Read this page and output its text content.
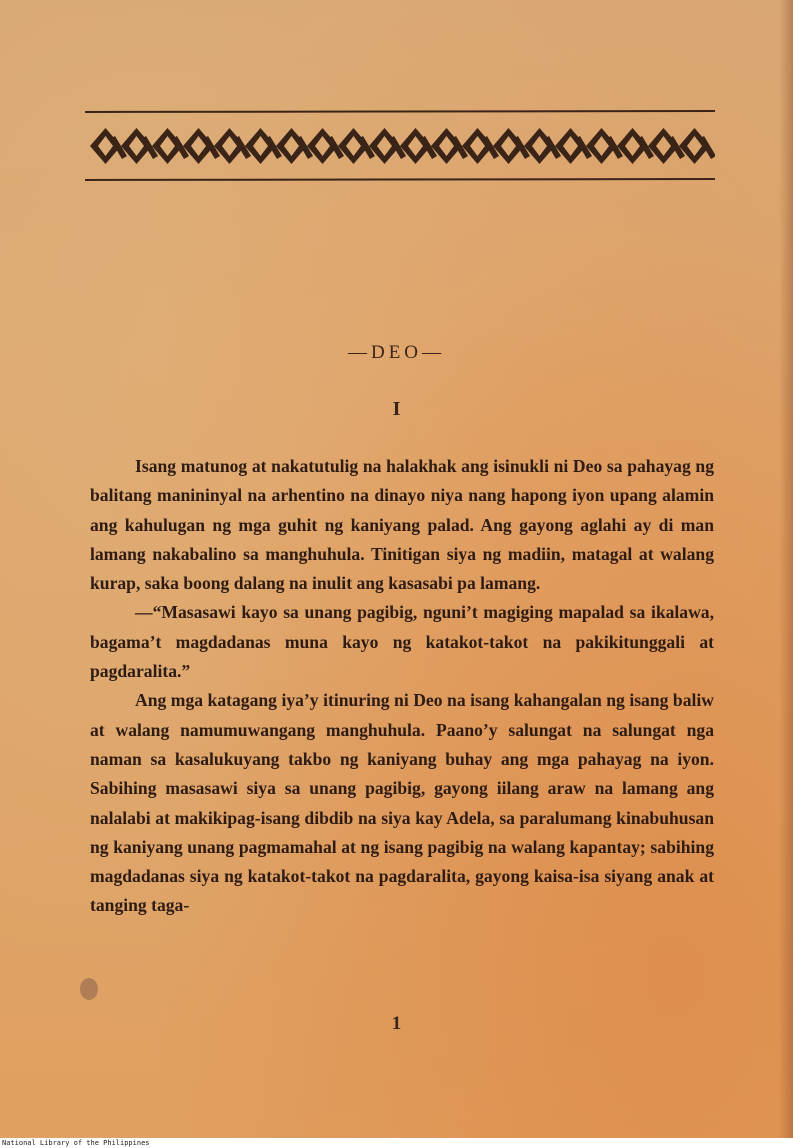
—DEO—
I

Isang matunog at nakatutulig na halakhak ang isinukli ni Deo sa pahayag ng balitang manininyal na arhentino na dinayo niya nang hapong iyon upang alamin ang kahulugan ng mga guhit ng kaniyang palad. Ang gayong aglahi ay di man lamang nakabalino sa manghuhula. Tinitigan siya ng madiin, matagal at walang kurap, saka boong dalang na inulit ang kasasabi pa lamang.

—“Masasawi kayo sa unang pagibig, nguni’t magiging mapalad sa ikalawa, bagama’t magdadanas muna kayo ng katakot-takot na pakikitunggali at pagdaralita.”

Ang mga katagang iya’y itinuring ni Deo na isang kahangalan ng isang baliw at walang namumuwangang manghuhula. Paano’y salungat na salungat nga naman sa kasalukuyang takbo ng kaniyang buhay ang mga pahayag na iyon. Sabihing masasawi siya sa unang pagibig, gayong iilang araw na lamang ang nalalabi at makikipag-isang dibdib na siya kay Adela, sa paralumang kinabuhusan ng kaniyang unang pagmamahal at ng isang pagibig na walang kapantay; sabihing magdadanas siya ng katakot-takot na pagdaralita, gayong kaisa-isa siyang anak at tanging taga-

1
National Library of the Philippines
